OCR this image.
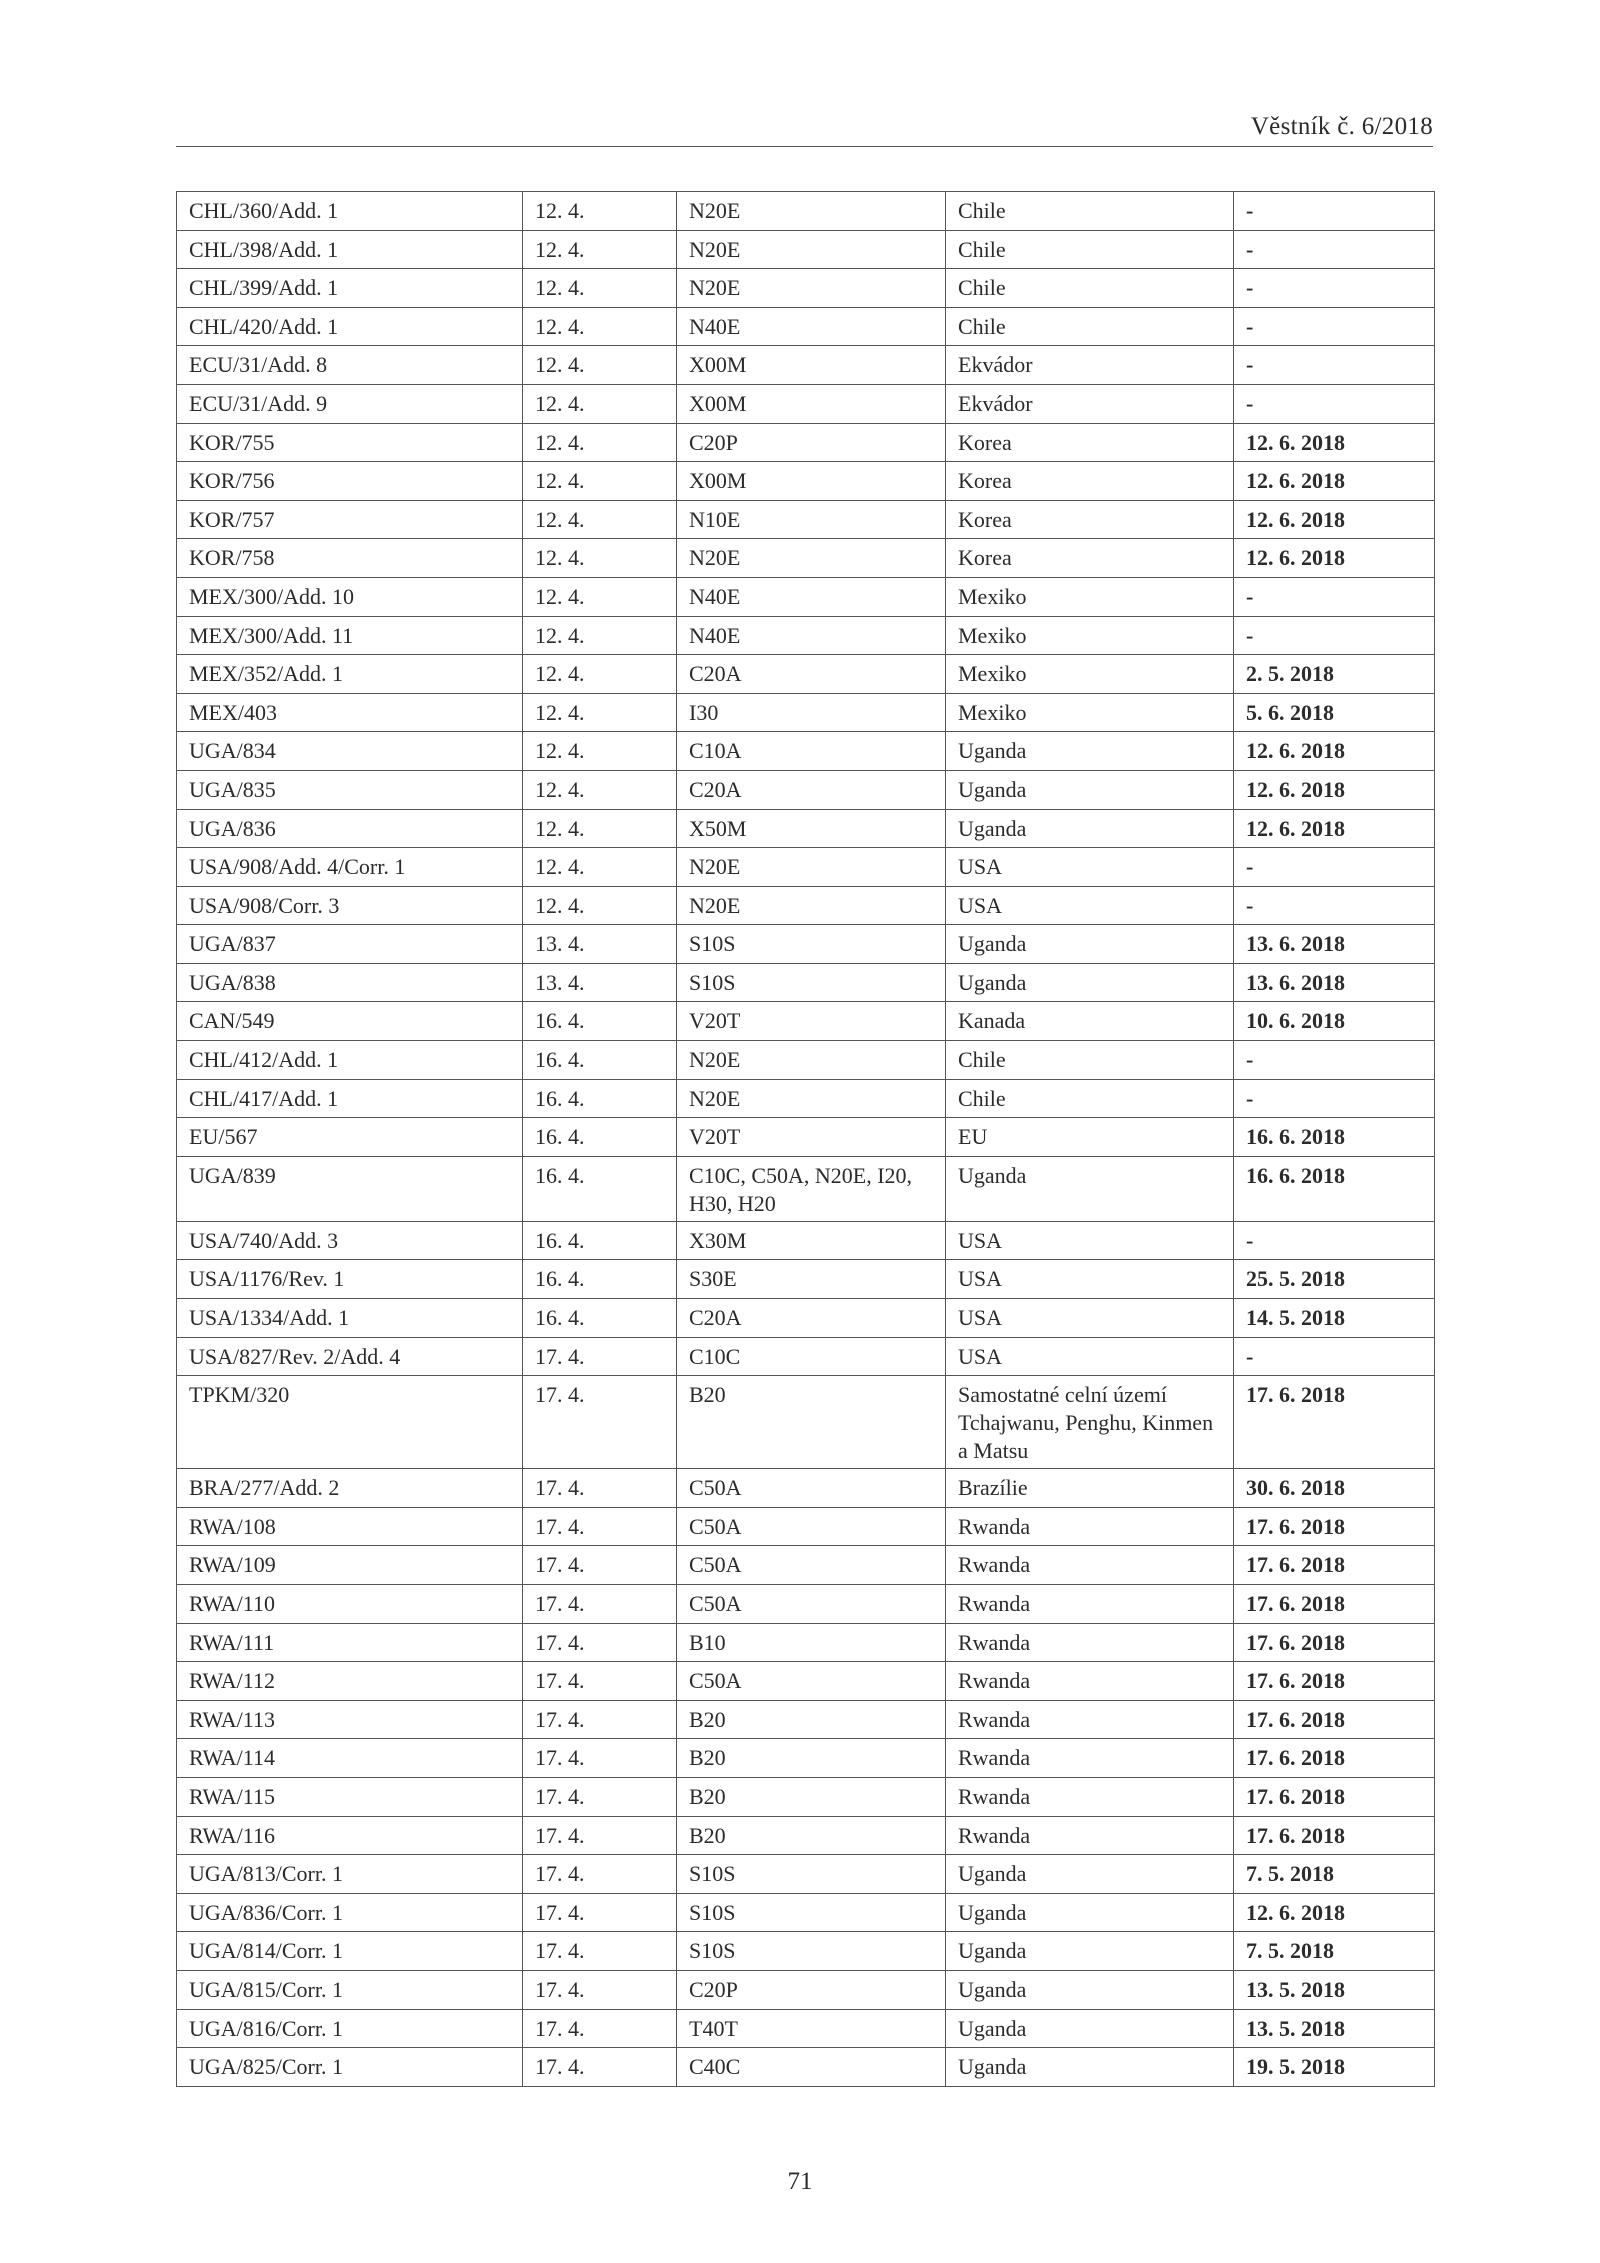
Věstník č. 6/2018
CHL/360/Add. 1	12. 4.	N20E	Chile	-
CHL/398/Add. 1	12. 4.	N20E	Chile	-
CHL/399/Add. 1	12. 4.	N20E	Chile	-
CHL/420/Add. 1	12. 4.	N40E	Chile	-
ECU/31/Add. 8	12. 4.	X00M	Ekvádor	-
ECU/31/Add. 9	12. 4.	X00M	Ekvádor	-
KOR/755	12. 4.	C20P	Korea	12. 6. 2018
KOR/756	12. 4.	X00M	Korea	12. 6. 2018
KOR/757	12. 4.	N10E	Korea	12. 6. 2018
KOR/758	12. 4.	N20E	Korea	12. 6. 2018
MEX/300/Add. 10	12. 4.	N40E	Mexiko	-
MEX/300/Add. 11	12. 4.	N40E	Mexiko	-
MEX/352/Add. 1	12. 4.	C20A	Mexiko	2. 5. 2018
MEX/403	12. 4.	I30	Mexiko	5. 6. 2018
UGA/834	12. 4.	C10A	Uganda	12. 6. 2018
UGA/835	12. 4.	C20A	Uganda	12. 6. 2018
UGA/836	12. 4.	X50M	Uganda	12. 6. 2018
USA/908/Add. 4/Corr. 1	12. 4.	N20E	USA	-
USA/908/Corr. 3	12. 4.	N20E	USA	-
UGA/837	13. 4.	S10S	Uganda	13. 6. 2018
UGA/838	13. 4.	S10S	Uganda	13. 6. 2018
CAN/549	16. 4.	V20T	Kanada	10. 6. 2018
CHL/412/Add. 1	16. 4.	N20E	Chile	-
CHL/417/Add. 1	16. 4.	N20E	Chile	-
EU/567	16. 4.	V20T	EU	16. 6. 2018
UGA/839	16. 4.	C10C, C50A, N20E, I20, H30, H20	Uganda	16. 6. 2018
USA/740/Add. 3	16. 4.	X30M	USA	-
USA/1176/Rev. 1	16. 4.	S30E	USA	25. 5. 2018
USA/1334/Add. 1	16. 4.	C20A	USA	14. 5. 2018
USA/827/Rev. 2/Add. 4	17. 4.	C10C	USA	-
TPKM/320	17. 4.	B20	Samostatné celní území Tchajwanu, Penghu, Kinmen a Matsu	17. 6. 2018
BRA/277/Add. 2	17. 4.	C50A	Brazílie	30. 6. 2018
RWA/108	17. 4.	C50A	Rwanda	17. 6. 2018
RWA/109	17. 4.	C50A	Rwanda	17. 6. 2018
RWA/110	17. 4.	C50A	Rwanda	17. 6. 2018
RWA/111	17. 4.	B10	Rwanda	17. 6. 2018
RWA/112	17. 4.	C50A	Rwanda	17. 6. 2018
RWA/113	17. 4.	B20	Rwanda	17. 6. 2018
RWA/114	17. 4.	B20	Rwanda	17. 6. 2018
RWA/115	17. 4.	B20	Rwanda	17. 6. 2018
RWA/116	17. 4.	B20	Rwanda	17. 6. 2018
UGA/813/Corr. 1	17. 4.	S10S	Uganda	7. 5. 2018
UGA/836/Corr. 1	17. 4.	S10S	Uganda	12. 6. 2018
UGA/814/Corr. 1	17. 4.	S10S	Uganda	7. 5. 2018
UGA/815/Corr. 1	17. 4.	C20P	Uganda	13. 5. 2018
UGA/816/Corr. 1	17. 4.	T40T	Uganda	13. 5. 2018
UGA/825/Corr. 1	17. 4.	C40C	Uganda	19. 5. 2018
71
